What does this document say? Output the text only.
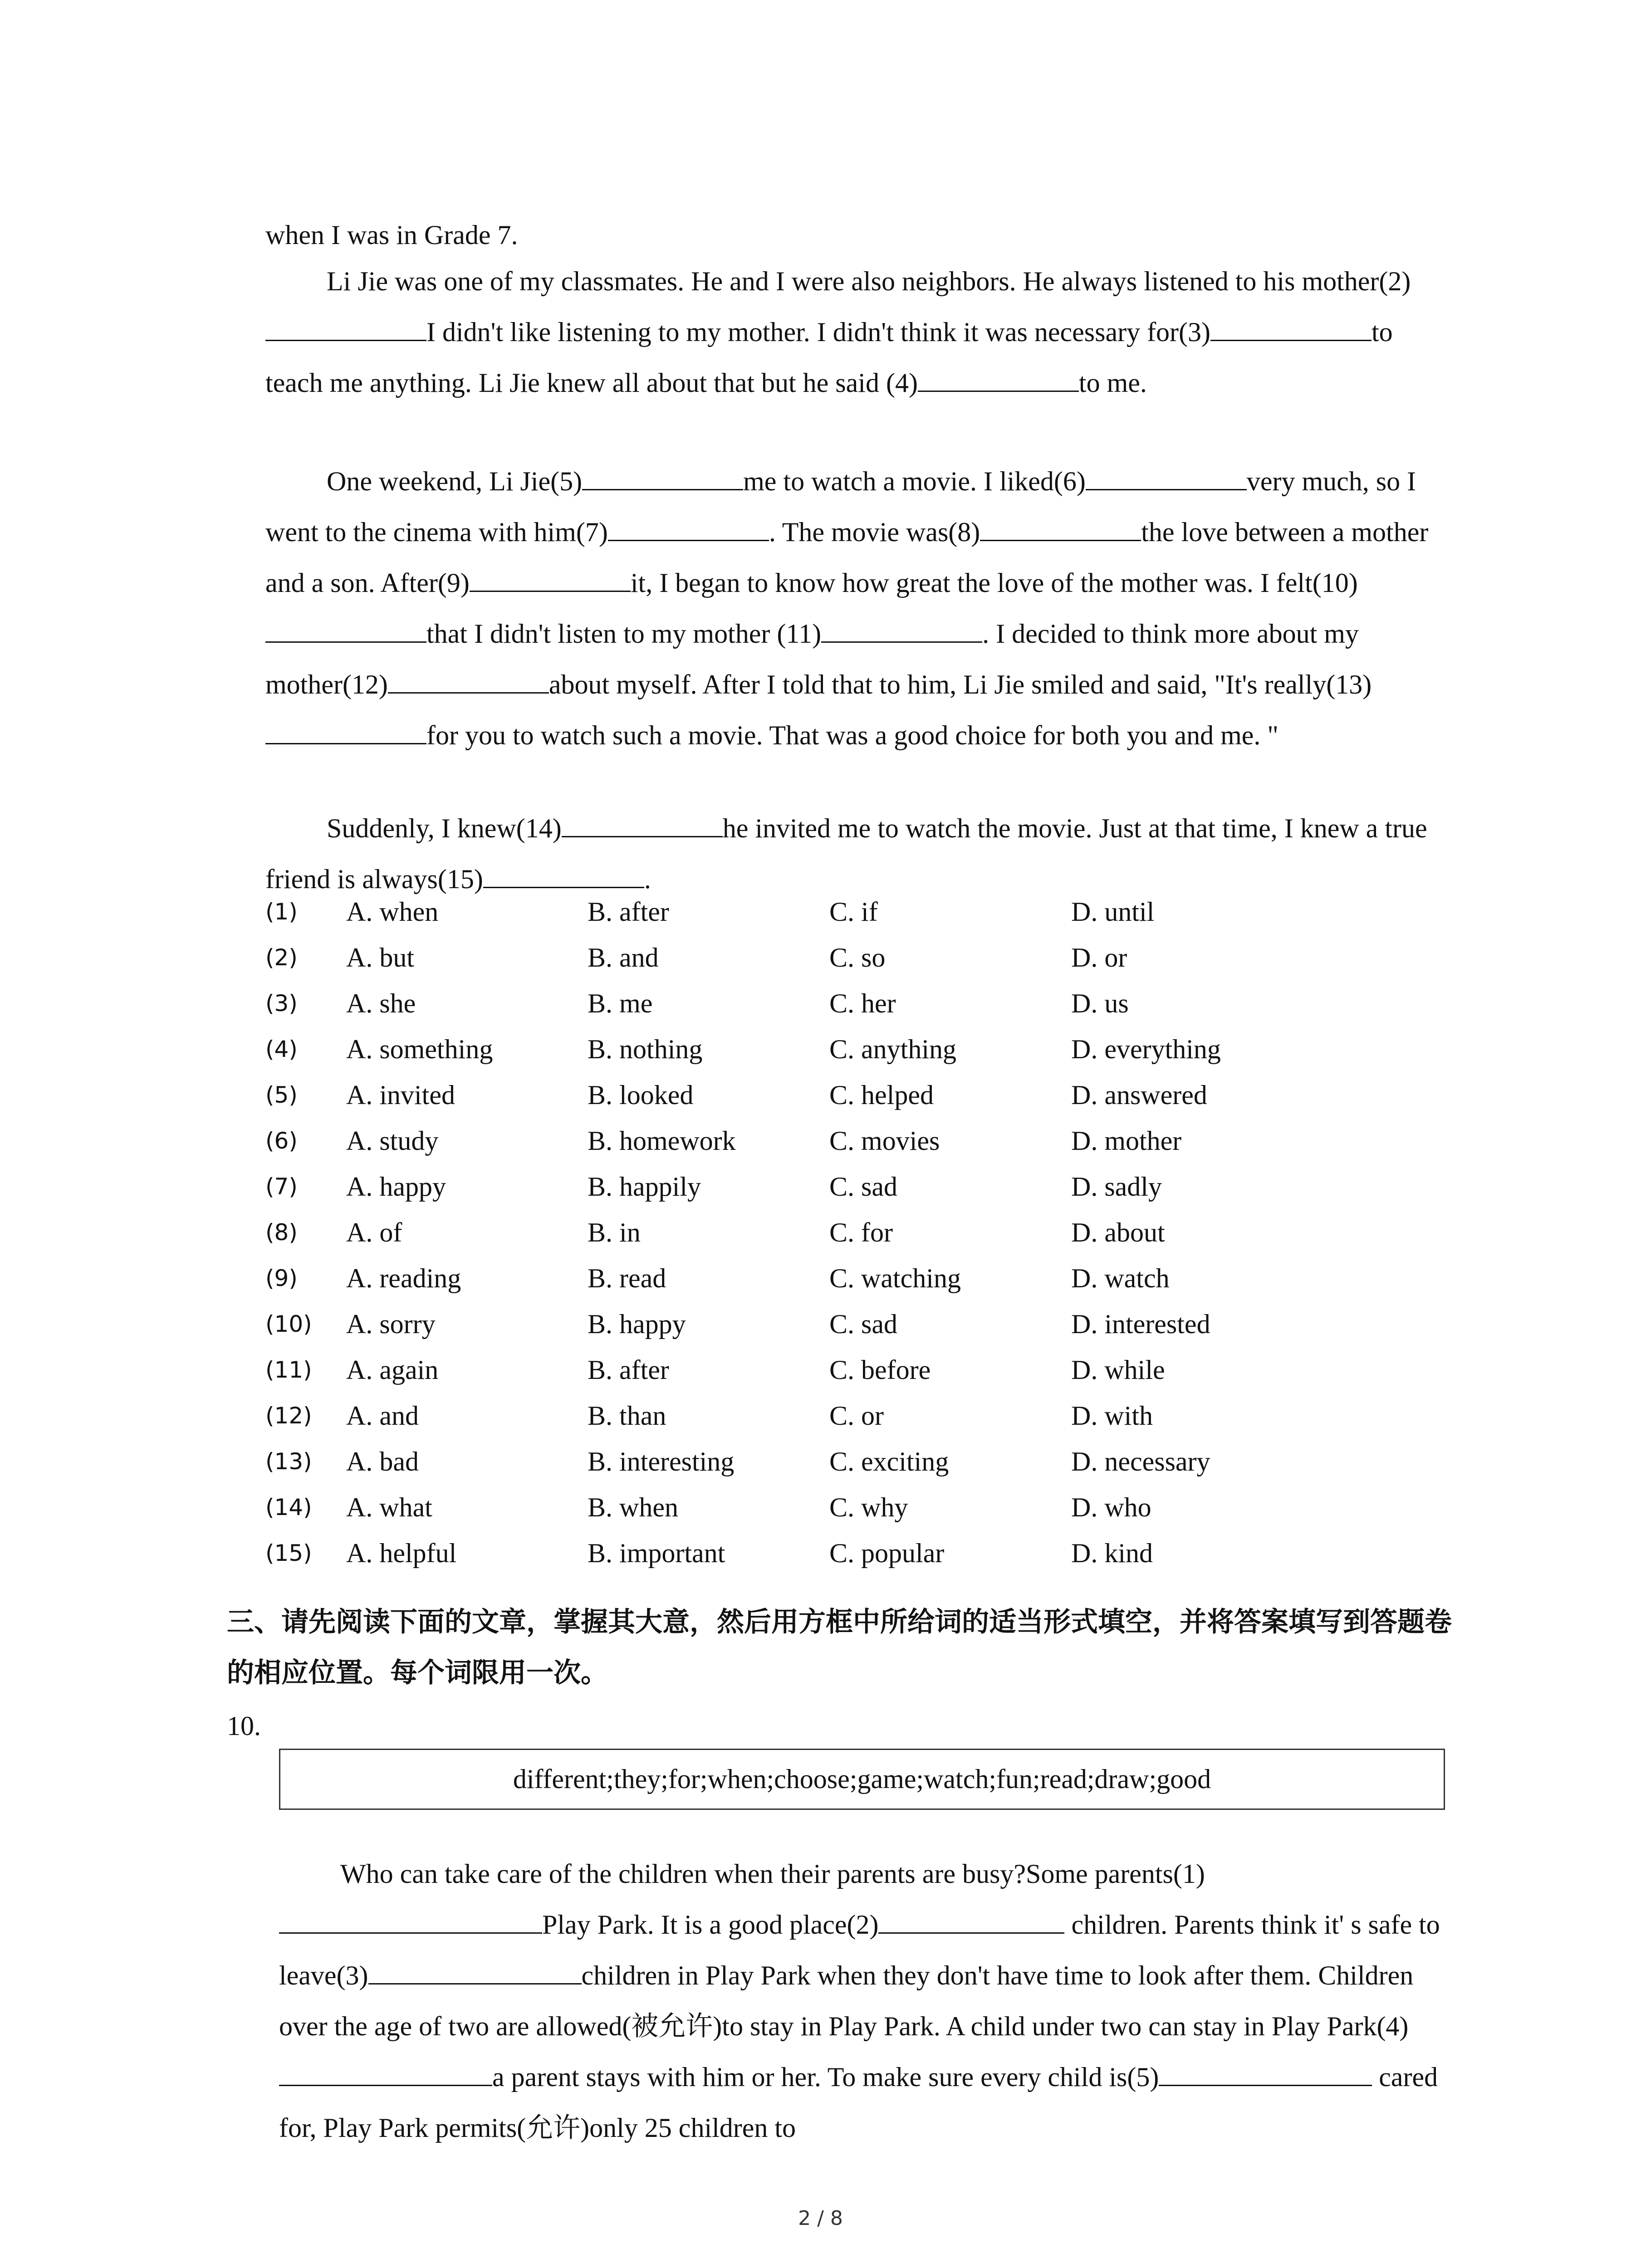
when I was in Grade 7.

Li Jie was one of my classmates. He and I were also neighbors. He always listened to his mother(2)I didn't like listening to my mother. I didn't think it was necessary for(3)	to teach me anything. Li Jie knew all about that but he said (4)	to me.

One weekend, Li Jie(5)	me to watch a movie. I liked(6)	very much, so I went to the cinema with him(7)	. The movie was(8)	the love between a mother and a son. After(9)	it, I began to know how great the love of the mother was. I felt(10)that I didn't listen to my mother (11)	. I decided to think more about my mother(12)	about myself. After I told that to him, Li Jie smiled and said, "It's really(13)for you to watch such a movie. That was a good choice for both you and me. "

Suddenly, I knew(14)	he invited me to watch the movie. Just at that time, I knew a true friend is always(15)	.

(1) A. when	B. after	C. if	D. until
(2) A. but	B. and	C. so	D. or
(3) A. she	B. me	C. her	D. us
(4) A. something	B. nothing	C. anything	D. everything
(5) A. invited	B. looked	C. helped	D. answered
(6) A. study	B. homework	C. movies	D. mother
(7) A. happy	B. happily	C. sad	D. sadly
(8) A. of	B. in	C. for	D. about
(9) A. reading	B. read	C. watching	D. watch
(10) A. sorry	B. happy	C. sad	D. interested
(11) A. again	B. after	C. before	D. while
(12) A. and	B. than	C. or	D. with
(13) A. bad	B. interesting	C. exciting	D. necessary
(14) A. what	B. when	C. why	D. who
(15) A. helpful	B. important	C. popular	D. kind

三、请先阅读下面的文章，掌握其大意，然后用方框中所给词的适当形式填空，并将答案填写到答题卷的相应位置。每个词限用一次。

10.
different;they;for;when;choose;game;watch;fun;read;draw;good

Who can take care of the children when their parents are busy?Some parents(1)Play Park. It is a good place(2)	children. Parents think it' s safe to leave(3)	children in Play Park when they don't have time to look after them. Children over the age of two are allowed(被允许)to stay in Play Park. A child under two can stay in Play Park(4)a parent stays with him or her. To make sure every child is(5)	cared for, Play Park permits(允许)only 25 children to

2 / 8
